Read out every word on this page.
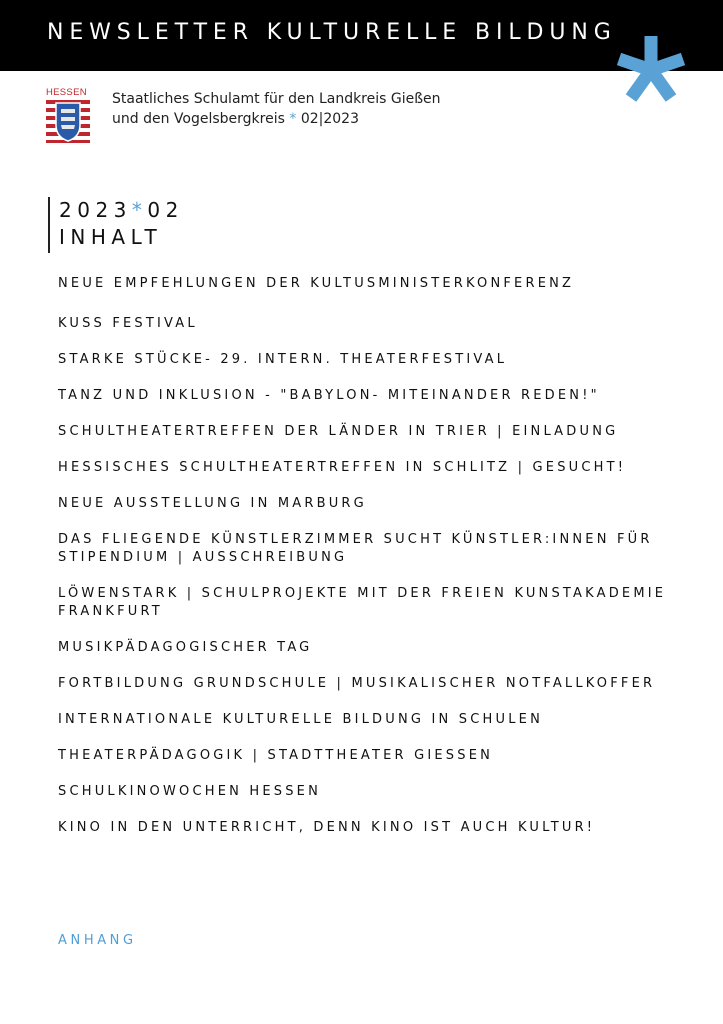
NEWSLETTER KULTURELLE BILDUNG
HESSEN Staatliches Schulamt für den Landkreis Gießen
und den Vogelsbergkreis * 02|2023
2023*02
INHALT
NEUE EMPFEHLUNGEN DER KULTUSMINISTERKONFERENZ
KUSS FESTIVAL
STARKE STÜCKE- 29. INTERN. THEATERFESTIVAL
TANZ UND INKLUSION - "BABYLON- MITEINANDER REDEN!"
SCHULTHEATERTREFFEN DER LÄNDER IN TRIER | EINLADUNG
HESSISCHES SCHULTHEATERTREFFEN IN SCHLITZ | GESUCHT!
NEUE AUSSTELLUNG IN MARBURG
DAS FLIEGENDE KÜNSTLERZIMMER SUCHT KÜNSTLER:INNEN FÜR STIPENDIUM | AUSSCHREIBUNG
LÖWENSTARK | SCHULPROJEKTE MIT DER FREIEN KUNSTAKADEMIE FRANKFURT
MUSIKPÄDAGOGISCHER TAG
FORTBILDUNG GRUNDSCHULE | MUSIKALISCHER NOTFALLKOFFER
INTERNATIONALE KULTURELLE BILDUNG IN SCHULEN
THEATERPÄDAGOGIK | STADTTHEATER GIESSEN
SCHULKINOWOCHEN HESSEN
KINO IN DEN UNTERRICHT, DENN KINO IST AUCH KULTUR!
ANHANG
